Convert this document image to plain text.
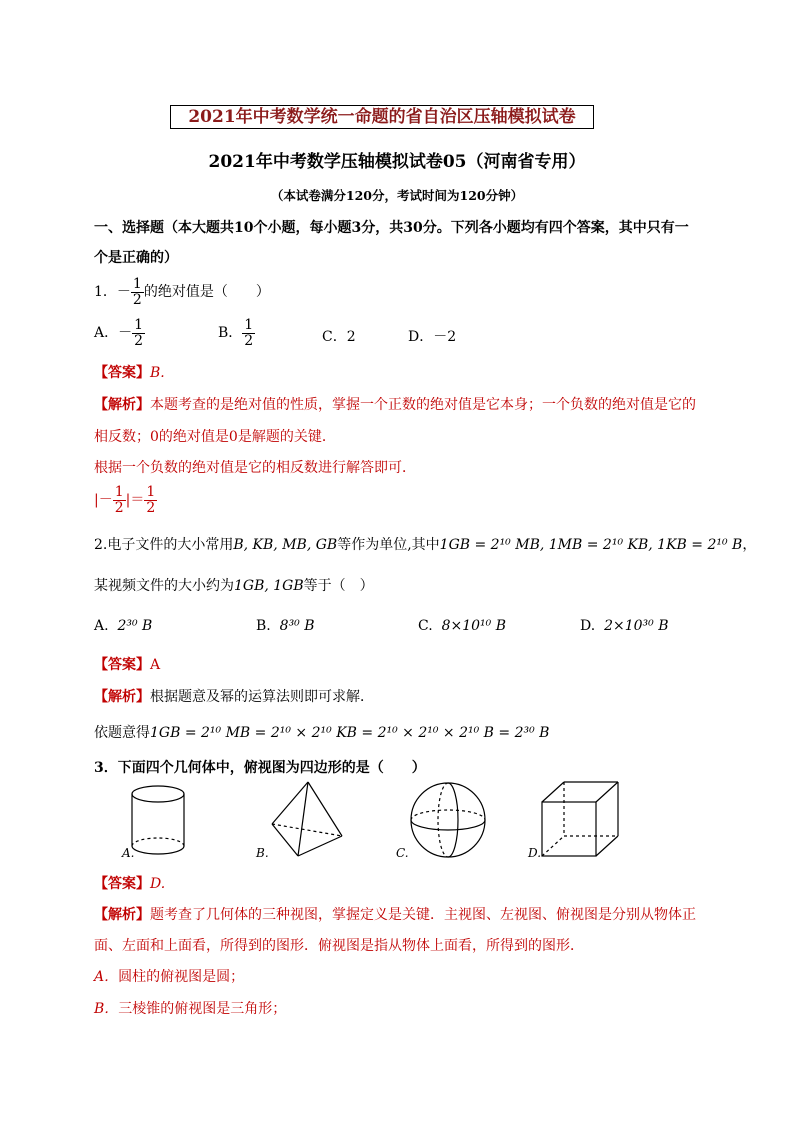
2021年中考数学统一命题的省自治区压轴模拟试卷
2021年中考数学压轴模拟试卷05（河南省专用）
（本试卷满分120分，考试时间为120分钟）
一、选择题（本大题共10个小题，每小题3分，共30分。下列各小题均有四个答案，其中只有一
个是正确的）
1．－ $\frac{1}{2}$ 的绝对值是（　　）
A．－ $\frac{1}{2}$	B． $\frac{1}{2}$	C．2	D．－2
【答案】B.
【解析】本题考查的是绝对值的性质，掌握一个正数的绝对值是它本身；一个负数的绝对值是它的
相反数；0的绝对值是0是解题的关键．
根据一个负数的绝对值是它的相反数进行解答即可．
|－ $\frac{1}{2}$ |＝ $\frac{1}{2}$
2.电子文件的大小常用B, KB, MB, GB等作为单位,其中1GB = 2¹⁰ MB, 1MB = 2¹⁰ KB, 1KB = 2¹⁰ B，
某视频文件的大小约为1GB, 1GB等于（　）
A. 2³⁰ B	B. 8³⁰ B	C. 8×10¹⁰ B	D. 2×10³⁰ B
【答案】A
【解析】根据题意及幂的运算法则即可求解．
依题意得1GB = 2¹⁰ MB = 2¹⁰ × 2¹⁰ KB = 2¹⁰ × 2¹⁰ × 2¹⁰ B = 2³⁰ B
3．下面四个几何体中，俯视图为四边形的是（　　）
A.	B.	C.	D.
【答案】D.
【解析】题考查了几何体的三种视图，掌握定义是关键．主视图、左视图、俯视图是分别从物体正
面、左面和上面看，所得到的图形．俯视图是指从物体上面看，所得到的图形．
A．圆柱的俯视图是圆；
B．三棱锥的俯视图是三角形；
